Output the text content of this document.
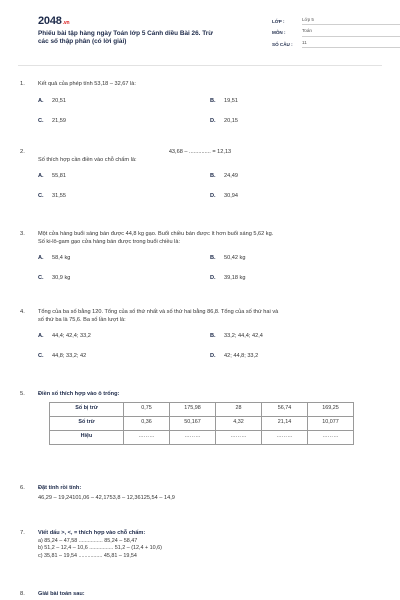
2048.vn
Phiếu bài tập hàng ngày Toán lớp 5 Cánh diều Bài 26. Trừ
các số thập phân (có lời giải)
LỚP :	Lớp 5
MÔN :	Toán
SỐ CÂU :	11
1.	Kết quả của phép tính 53,18 – 32,67 là:
A.	20,51	B.	19,51
C.	21,59	D.	20,15
2.	43,68 – .............. = 12,13
Số thích hợp cần điền vào chỗ chấm là:
A.	55,81	B.	24,49
C.	31,55	D.	30,94
3.	Một cửa hàng buổi sáng bán được 44,8 kg gạo. Buổi chiều bán được ít hơn buổi sáng 5,62 kg.
Số ki-lô-gam gạo cửa hàng bán được trong buổi chiều là:
A.	58,4 kg	B.	50,42 kg
C.	30,9 kg	D.	39,18 kg
4.	Tổng của ba số bằng 120. Tổng của số thứ nhất và số thứ hai bằng 86,8. Tổng của số thứ hai và
số thứ ba là 75,6. Ba số lần lượt là:
A.	44,4; 42,4; 33,2	B.	33,2; 44,4; 42,4
C.	44,8; 33,2; 42	D.	42; 44,8; 33,2
5.	Điền số thích hợp vào ô trống:
Số bị trừ	0,75	175,98	28	56,74	169,25
Số trừ	0,36	50,167	4,32	21,14	10,077
Hiệu	………	………	………	………	………
6.	Đặt tính rồi tính:
46,29 – 19,24101,06 – 42,1753,8 – 12,36125,54 – 14,9
7.	Viết dấu >, <, = thích hợp vào chỗ chấm:
a) 85,24 – 47,58 ................ 85,24 – 58,47
b) 51,2 – 12,4 – 10,6 ................ 51,2 – (12,4 + 10,6)
c) 35,81 – 19,54 ................ 45,81 – 19,54
8.	Giải bài toán sau:
